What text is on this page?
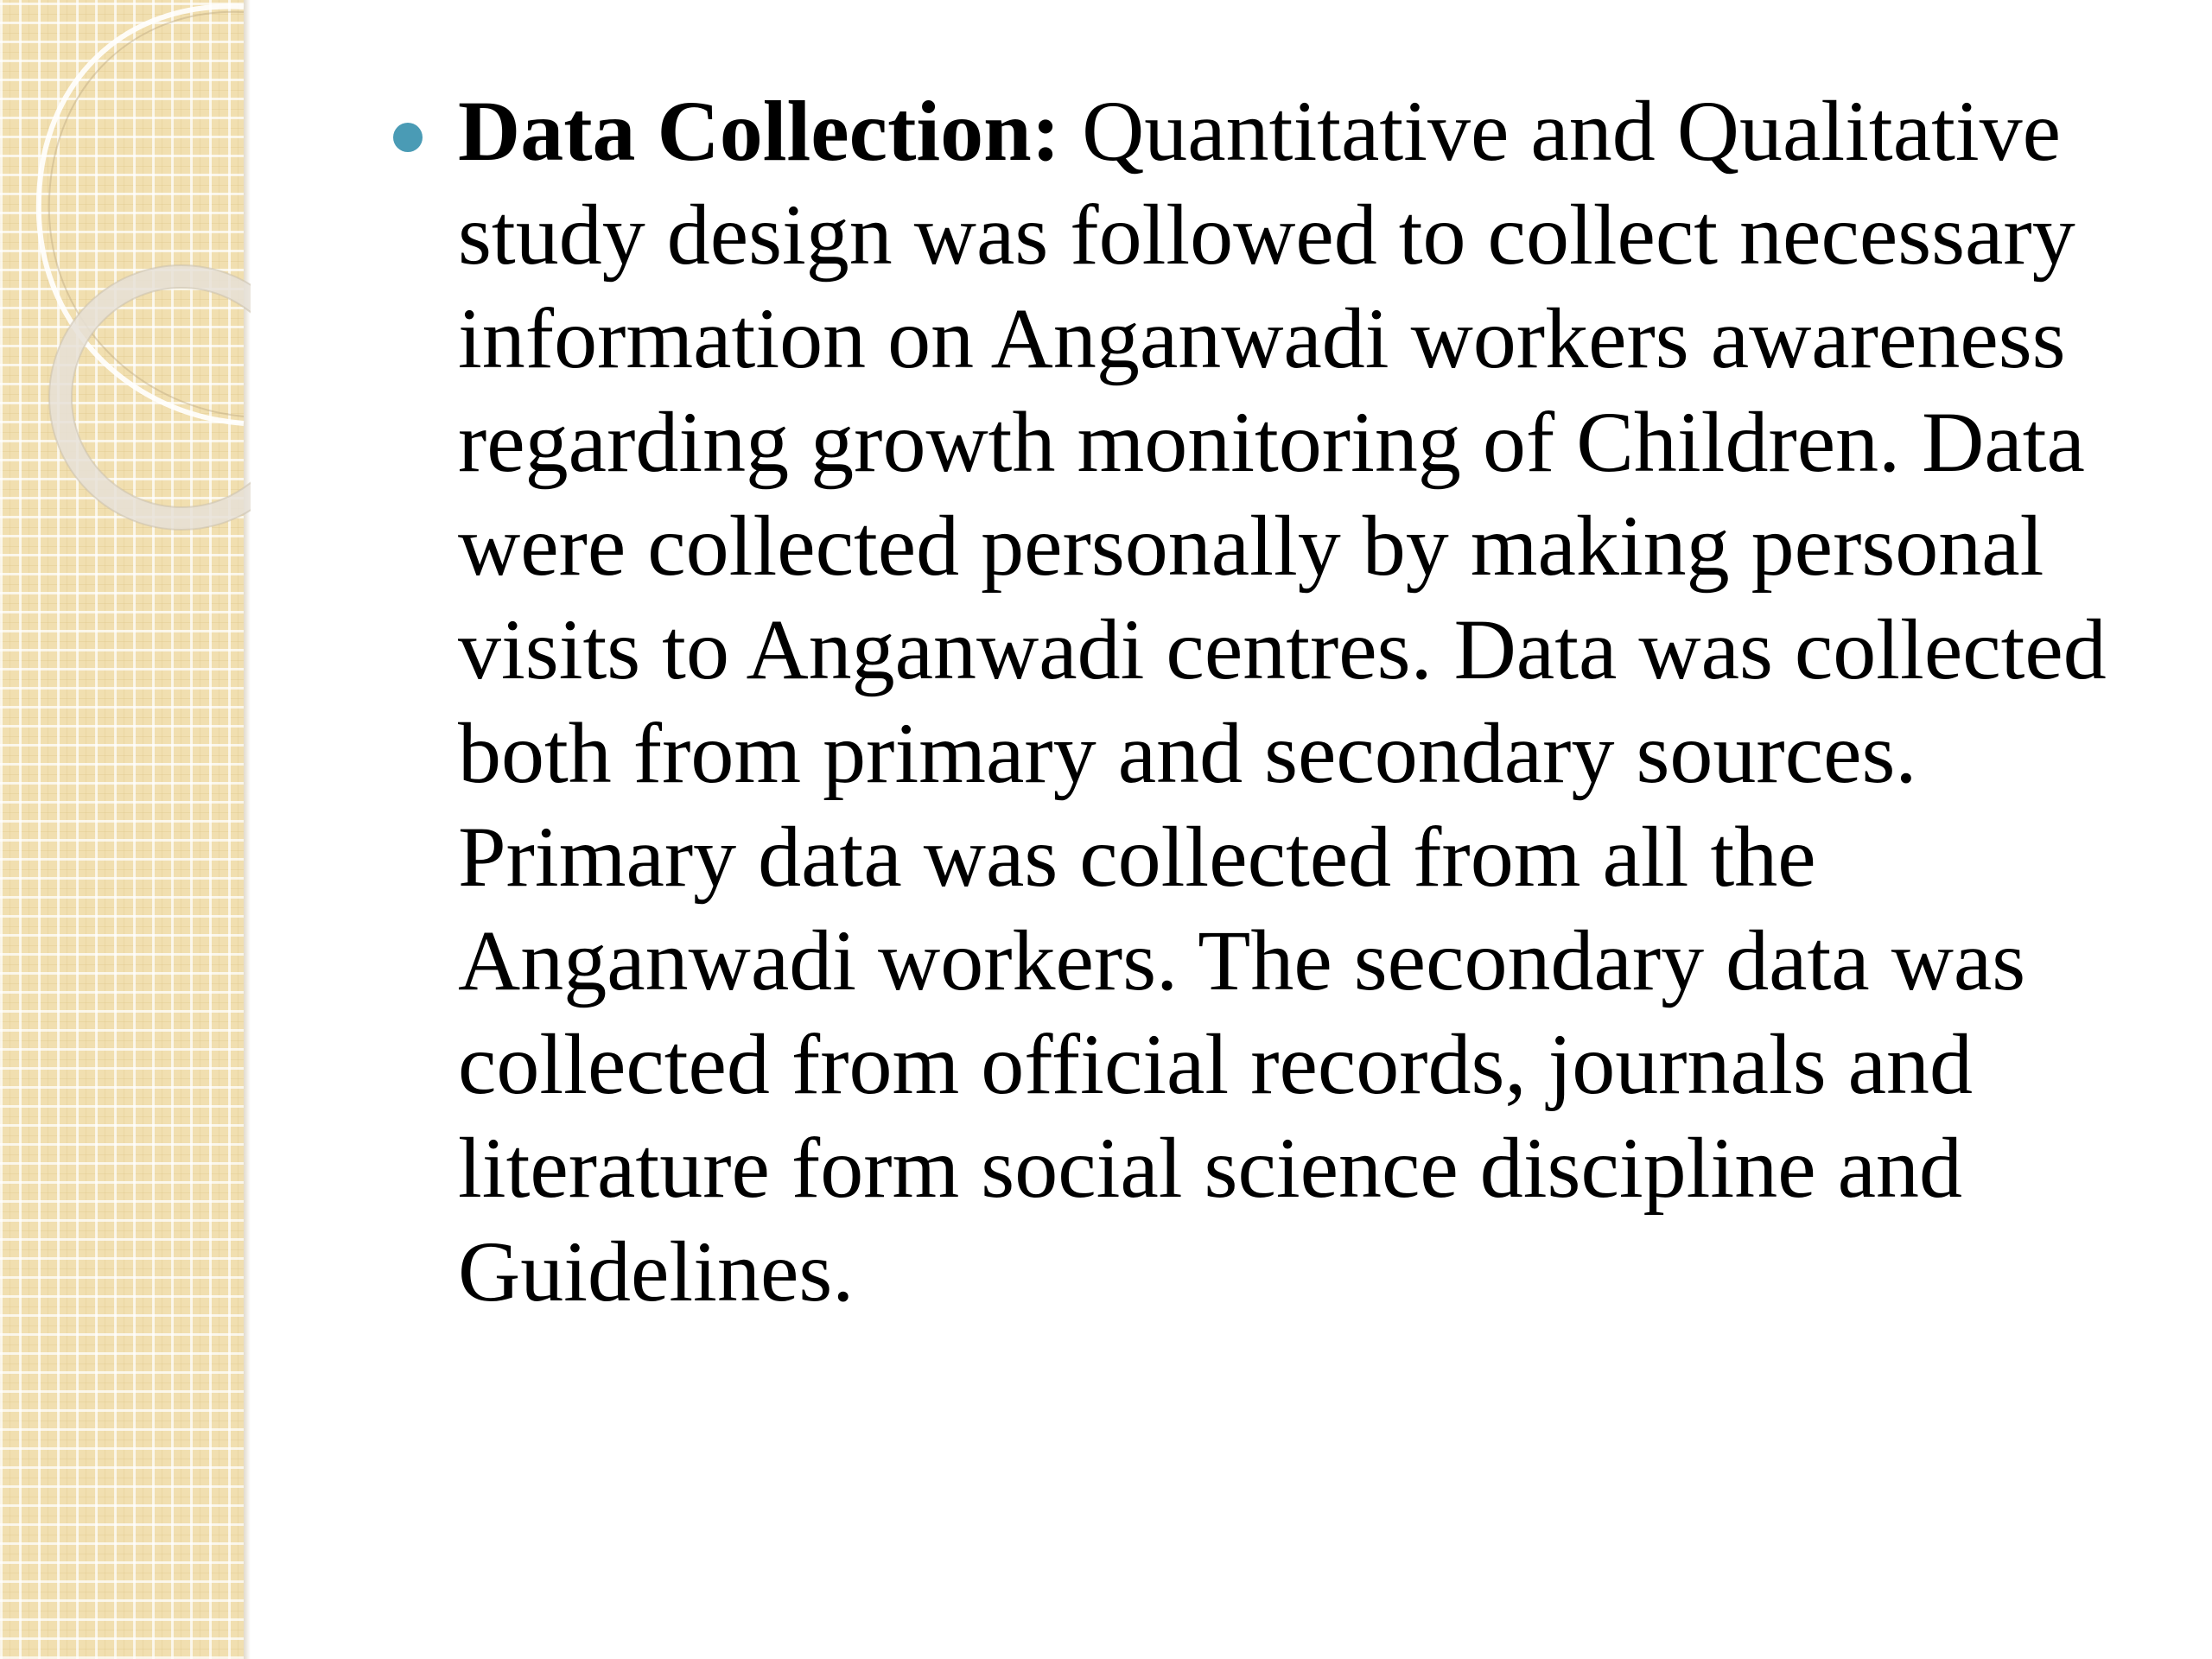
Data Collection: Quantitative and Qualitative study design was followed to collect necessary information on Anganwadi workers awareness regarding growth monitoring of Children. Data were collected personally by making personal visits to Anganwadi centres. Data was collected both from primary and secondary sources. Primary data was collected from all the Anganwadi workers. The secondary data was collected from official records, journals and literature form social science discipline and Guidelines.
